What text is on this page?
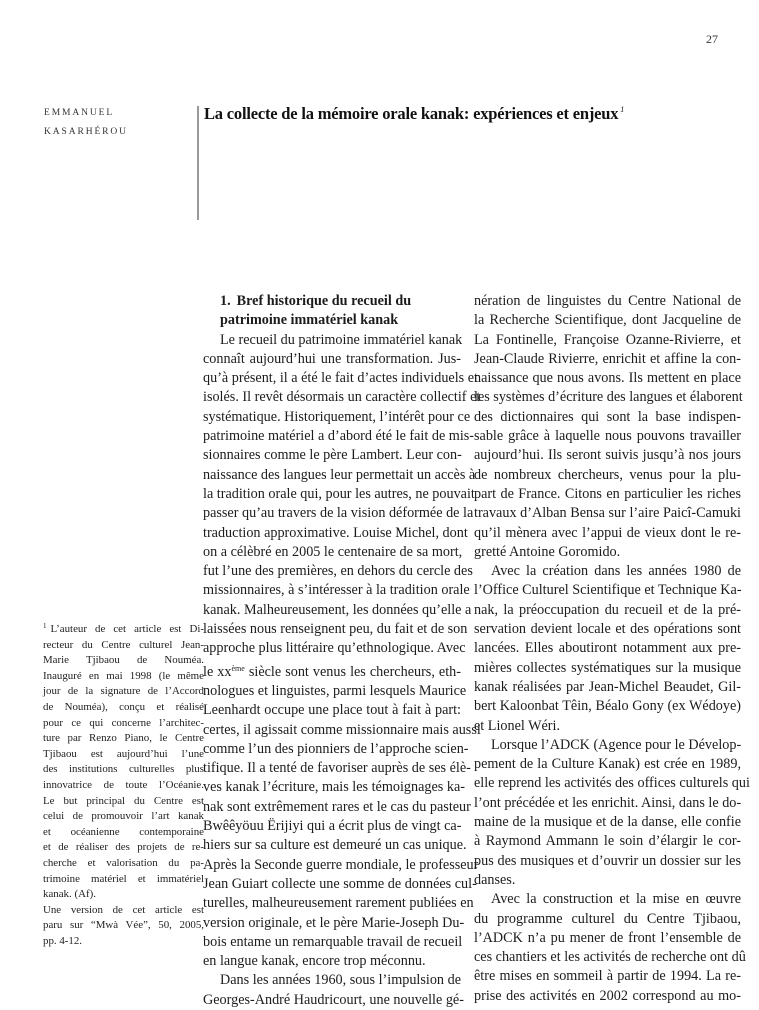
27
EMMANUEL
KASARHÉROU
La collecte de la mémoire orale kanak: expériences et enjeux $^1$
1. Bref historique du recueil du
patrimoine immatériel kanak
Le recueil du patrimoine immatériel kanak
connaît aujourd’hui une transformation. Jus-
qu’à présent, il a été le fait d’actes individuels et
isolés. Il revêt désormais un caractère collectif et
systématique. Historiquement, l’intérêt pour ce
patrimoine matériel a d’abord été le fait de mis-
sionnaires comme le père Lambert. Leur con-
naissance des langues leur permettait un accès à
la tradition orale qui, pour les autres, ne pouvait
passer qu’au travers de la vision déformée de la
traduction approximative. Louise Michel, dont
on a célèbré en 2005 le centenaire de sa mort,
fut l’une des premières, en dehors du cercle des
missionnaires, à s’intéresser à la tradition orale
kanak. Malheureusement, les données qu’elle a
laissées nous renseignent peu, du fait et de son
approche plus littéraire qu’ethnologique. Avec
le $xx^{ème}$ siècle sont venus les chercheurs, eth-
nologues et linguistes, parmi lesquels Maurice
Leenhardt occupe une place tout à fait à part:
certes, il agissait comme missionnaire mais aussi
comme l’un des pionniers de l’approche scien-
tifique. Il a tenté de favoriser auprès de ses élè-
ves kanak l’écriture, mais les témoignages ka-
nak sont extrêmement rares et le cas du pasteur
Bwêêyöuu Ërijiyi qui a écrit plus de vingt ca-
hiers sur sa culture est demeuré un cas unique.
Après la Seconde guerre mondiale, le professeur
Jean Guiart collecte une somme de données cul-
turelles, malheureusement rarement publiées en
version originale, et le père Marie-Joseph Du-
bois entame un remarquable travail de recueil
en langue kanak, encore trop méconnu.
Dans les années 1960, sous l’impulsion de
Georges-André Haudricourt, une nouvelle gé-
nération de linguistes du Centre National de
la Recherche Scientifique, dont Jacqueline de
La Fontinelle, Françoise Ozanne-Rivierre, et
Jean-Claude Rivierre, enrichit et affine la con-
naissance que nous avons. Ils mettent en place
les systèmes d’écriture des langues et élaborent
des dictionnaires qui sont la base indispen-
sable grâce à laquelle nous pouvons travailler
aujourd’hui. Ils seront suivis jusqu’à nos jours
de nombreux chercheurs, venus pour la plu-
part de France. Citons en particulier les riches
travaux d’Alban Bensa sur l’aire Paicî-Camuki
qu’il mènera avec l’appui de vieux dont le re-
gretté Antoine Goromido.
Avec la création dans les années 1980 de
l’Office Culturel Scientifique et Technique Ka-
nak, la préoccupation du recueil et de la pré-
servation devient locale et des opérations sont
lancées. Elles aboutiront notamment aux pre-
mières collectes systématiques sur la musique
kanak réalisées par Jean-Michel Beaudet, Gil-
bert Kaloonbat Têin, Béalo Gony (ex Wédoye)
et Lionel Wéri.
Lorsque l’ADCK (Agence pour le Dévelop-
pement de la Culture Kanak) est crée en 1989,
elle reprend les activités des offices culturels qui
l’ont précédée et les enrichit. Ainsi, dans le do-
maine de la musique et de la danse, elle confie
à Raymond Ammann le soin d’élargir le cor-
pus des musiques et d’ouvrir un dossier sur les
danses.
Avec la construction et la mise en œuvre
du programme culturel du Centre Tjibaou,
l’ADCK n’a pu mener de front l’ensemble de
ces chantiers et les activités de recherche ont dû
être mises en sommeil à partir de 1994. La re-
prise des activités en 2002 correspond au mo-
$^1$ L’auteur de cet article est Di-
recteur du Centre culturel Jean-
Marie Tjibaou de Nouméa.
Inauguré en mai 1998 (le même
jour de la signature de l’Accord
de Nouméa), conçu et réalisé
pour ce qui concerne l’architec-
ture par Renzo Piano, le Centre
Tjibaou est aujourd’hui l’une
des institutions culturelles plus
innovatrice de toute l’Océanie.
Le but principal du Centre est
celui de promouvoir l’art kanak
et océanienne contemporaine
et de réaliser des projets de re-
cherche et valorisation du pa-
trimoine matériel et immatériel
kanak. (Af).
Une version de cet article est
paru sur “Mwà Vée”, 50, 2005,
pp. 4-12.
